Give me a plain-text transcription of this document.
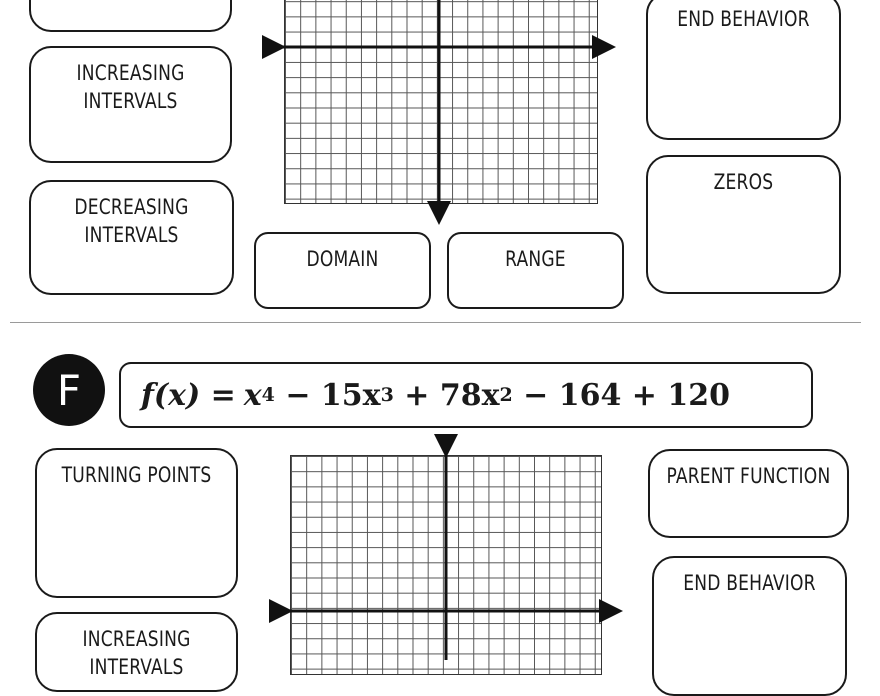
INCREASING
INTERVALS
DECREASING
INTERVALS
DOMAIN	RANGE
END BEHAVIOR
ZEROS
F	f(x) = x 4 − 15x 3 + 78x 2 − 164 + 120
TURNING POINTS
INCREASING
INTERVALS
PARENT FUNCTION
END BEHAVIOR
